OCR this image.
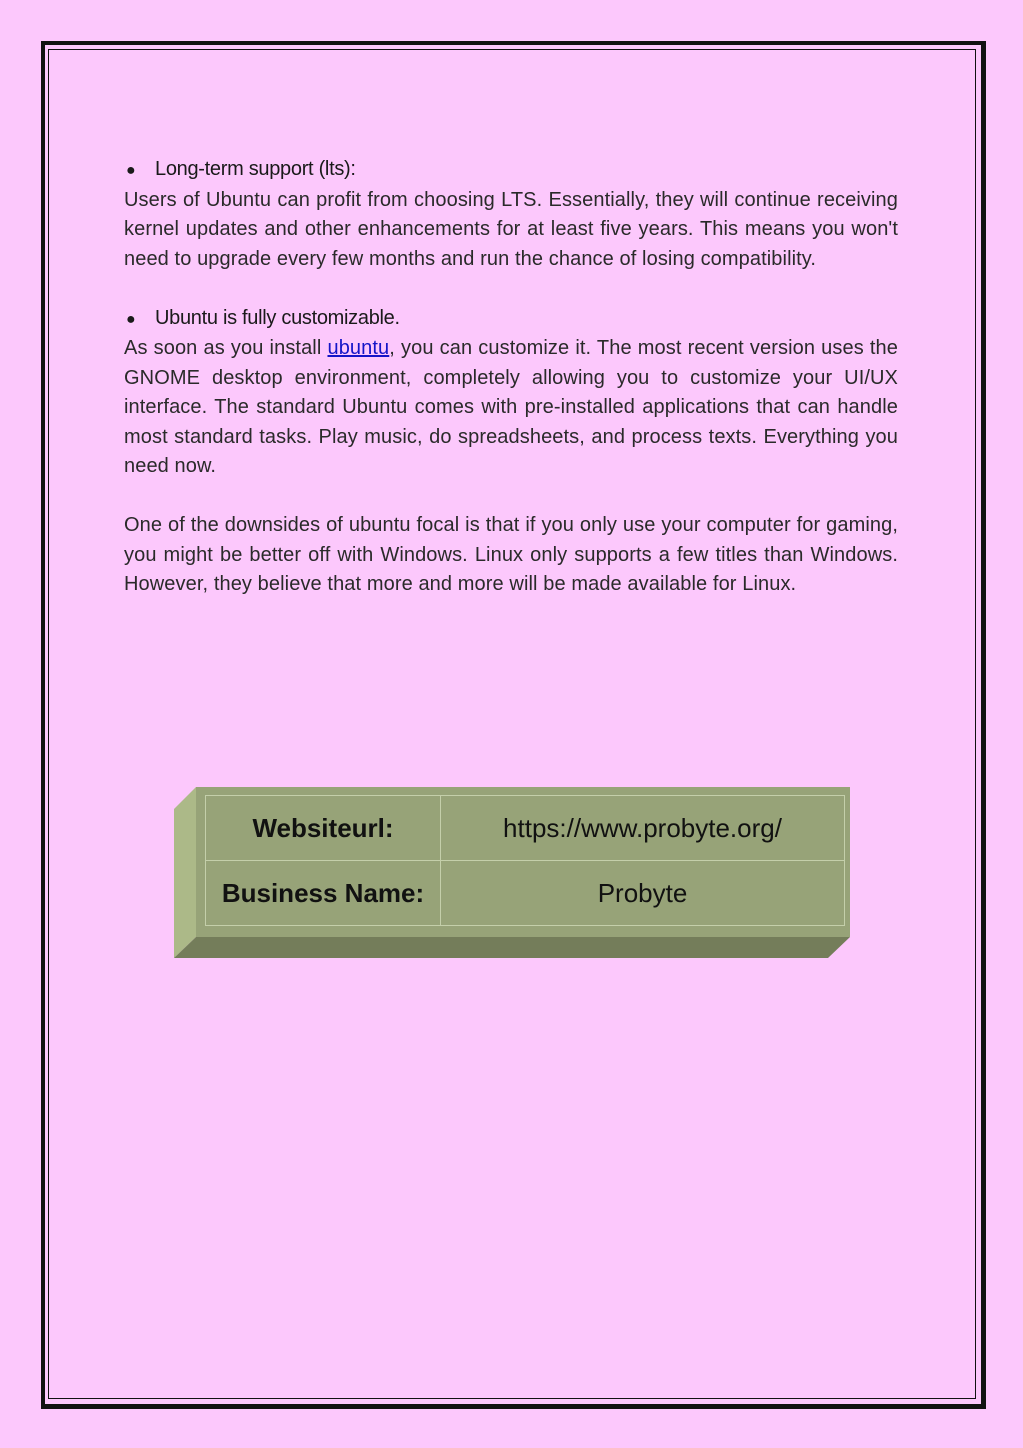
● Long-term support (lts):

Users of Ubuntu can profit from choosing LTS. Essentially, they will continue receiving kernel updates and other enhancements for at least five years. This means you won't need to upgrade every few months and run the chance of losing compatibility.

● Ubuntu is fully customizable.

As soon as you install ubuntu, you can customize it. The most recent version uses the GNOME desktop environment, completely allowing you to customize your UI/UX interface. The standard Ubuntu comes with pre-installed applications that can handle most standard tasks. Play music, do spreadsheets, and process texts. Everything you need now.

One of the downsides of ubuntu focal is that if you only use your computer for gaming, you might be better off with Windows. Linux only supports a few titles than Windows. However, they believe that more and more will be made available for Linux.

Websiteurl:	https://www.probyte.org/
Business Name:	Probyte
